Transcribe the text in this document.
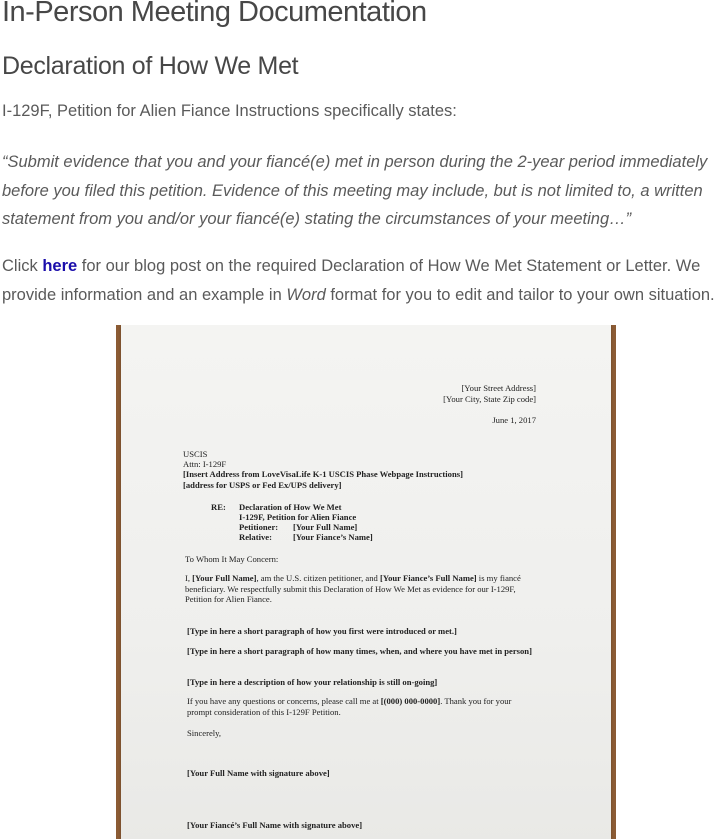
In-Person Meeting Documentation
Declaration of How We Met

I-129F, Petition for Alien Fiance Instructions specifically states:

“Submit evidence that you and your fiancé(e) met in person during the 2-year period immediately before you filed this petition. Evidence of this meeting may include, but is not limited to, a written statement from you and/or your fiancé(e) stating the circumstances of your meeting…”

Click here for our blog post on the required Declaration of How We Met Statement or Letter. We provide information and an example in Word format for you to edit and tailor to your own situation.

[Your Street Address]
[Your City, State Zip code]
June 1, 2017
USCIS
Attn: I-129F
[Insert Address from LoveVisaLife K-1 USCIS Phase Webpage Instructions]
[address for USPS or Fed Ex/UPS delivery]
RE: Declaration of How We Met
I-129F, Petition for Alien Fiance
Petitioner: [Your Full Name]
Relative: [Your Fiance’s Name]
To Whom It May Concern:
I, [Your Full Name], am the U.S. citizen petitioner, and [Your Fiance’s Full Name] is my fiancé beneficiary. We respectfully submit this Declaration of How We Met as evidence for our I-129F, Petition for Alien Fiance.
[Type in here a short paragraph of how you first were introduced or met.]
[Type in here a short paragraph of how many times, when, and where you have met in person]
[Type in here a description of how your relationship is still on-going]
If you have any questions or concerns, please call me at [(000) 000-0000]. Thank you for your prompt consideration of this I-129F Petition.
Sincerely,
[Your Full Name with signature above]
[Your Fiancé’s Full Name with signature above]
